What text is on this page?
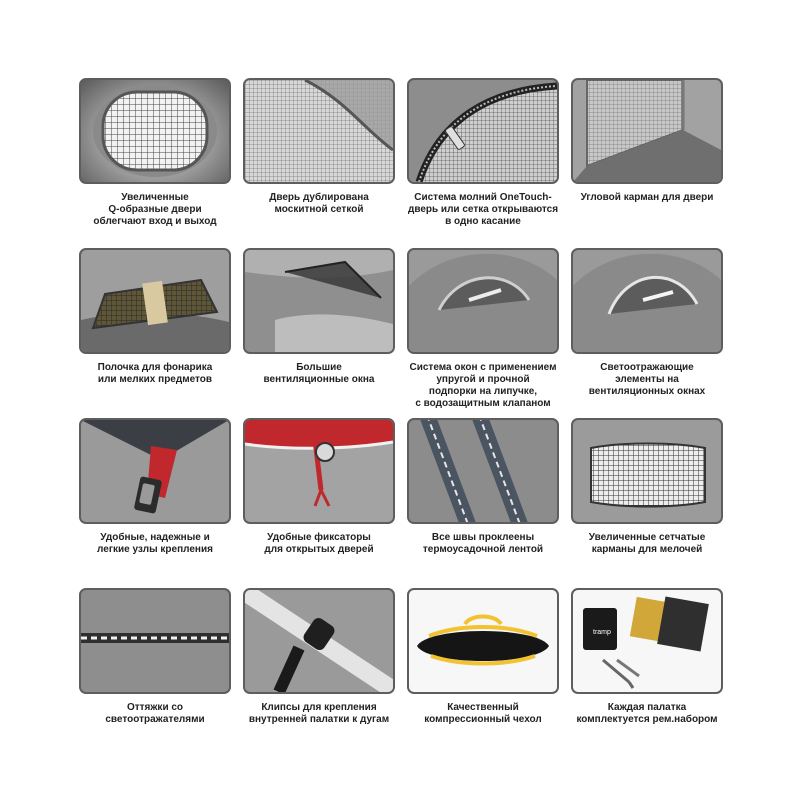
Увеличенные
Q-образные двери
облегчают вход и выход
Дверь дублирована
москитной сеткой
Система молний OneTouch-
дверь или сетка открываются
в одно касание
Угловой карман для двери
Полочка для фонарика
или мелких предметов
Большие
вентиляционные окна
Система окон с применением
упругой и прочной
подпорки на липучке,
с водозащитным клапаном
Светоотражающие
элементы на
вентиляционных окнах
Удобные, надежные и
легкие узлы крепления
Удобные фиксаторы
для открытых дверей
Все швы проклеены
термоусадочной лентой
Увеличенные сетчатые
карманы для мелочей
Оттяжки со
светоотражателями
Клипсы для крепления
внутренней палатки к дугам
Качественный
компрессионный чехол
tramp
Каждая палатка
комплектуется рем.набором
